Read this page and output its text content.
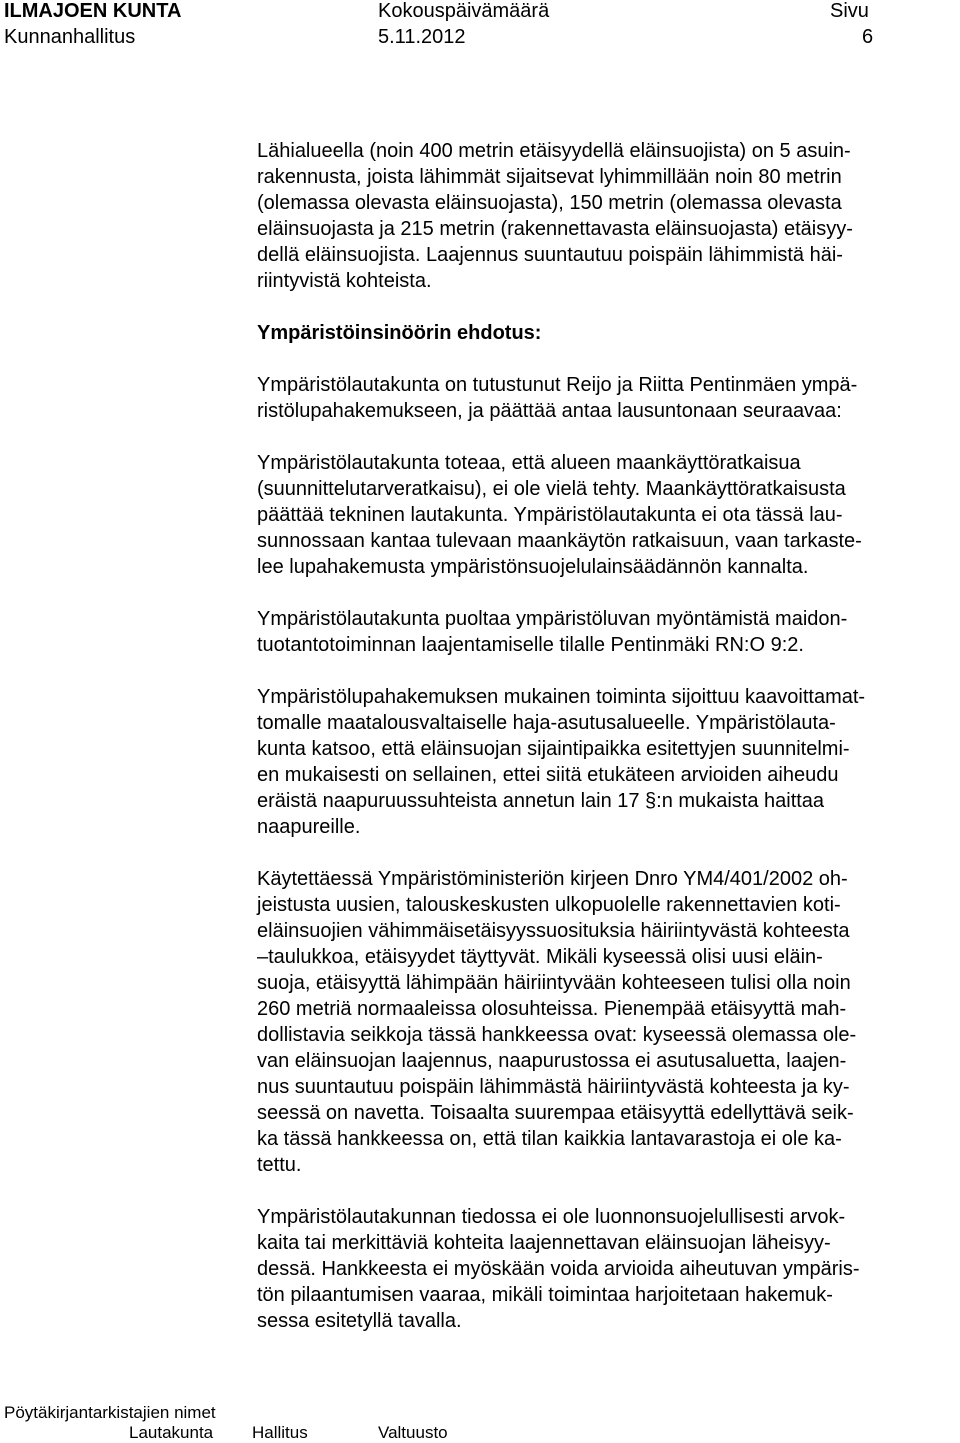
ILMAJOEN KUNTA
Kunnanhallitus
Kokouspäivämäärä
5.11.2012
Sivu
6

Lähialueella (noin 400 metrin etäisyydellä eläinsuojista) on 5 asuin-
rakennusta, joista lähimmät sijaitsevat lyhimmillään noin 80 metrin
(olemassa olevasta eläinsuojasta), 150 metrin (olemassa olevasta
eläinsuojasta ja 215 metrin (rakennettavasta eläinsuojasta) etäisyy-
dellä eläinsuojista. Laajennus suuntautuu poispäin lähimmistä häi-
riintyvistä kohteista.

Ympäristöinsinöörin ehdotus:

Ympäristölautakunta on tutustunut Reijo ja Riitta Pentinmäen ympä-
ristölupahakemukseen, ja päättää antaa lausuntonaan seuraavaa:

Ympäristölautakunta toteaa, että alueen maankäyttöratkaisua
(suunnittelutarveratkaisu), ei ole vielä tehty. Maankäyttöratkaisusta
päättää tekninen lautakunta. Ympäristölautakunta ei ota tässä lau-
sunnossaan kantaa tulevaan maankäytön ratkaisuun, vaan tarkaste-
lee lupahakemusta ympäristönsuojelulainsäädännön kannalta.

Ympäristölautakunta puoltaa ympäristöluvan myöntämistä maidon-
tuotantotoiminnan laajentamiselle tilalle Pentinmäki RN:O 9:2.

Ympäristölupahakemuksen mukainen toiminta sijoittuu kaavoittamat-
tomalle maatalousvaltaiselle haja-asutusalueelle. Ympäristölauta-
kunta katsoo, että eläinsuojan sijaintipaikka esitettyjen suunnitelmi-
en mukaisesti on sellainen, ettei siitä etukäteen arvioiden aiheudu
eräistä naapuruussuhteista annetun lain 17 §:n mukaista haittaa
naapureille.

Käytettäessä Ympäristöministeriön kirjeen Dnro YM4/401/2002 oh-
jeistusta uusien, talouskeskusten ulkopuolelle rakennettavien koti-
eläinsuojien vähimmäisetäisyyssuosituksia häiriintyvästä kohteesta
–taulukkoa, etäisyydet täyttyvät. Mikäli kyseessä olisi uusi eläin-
suoja, etäisyyttä lähimpään häiriintyvään kohteeseen tulisi olla noin
260 metriä normaaleissa olosuhteissa. Pienempää etäisyyttä mah-
dollistavia seikkoja tässä hankkeessa ovat: kyseessä olemassa ole-
van eläinsuojan laajennus, naapurustossa ei asutusaluetta, laajen-
nus suuntautuu poispäin lähimmästä häiriintyvästä kohteesta ja ky-
seessä on navetta. Toisaalta suurempaa etäisyyttä edellyttävä seik-
ka tässä hankkeessa on, että tilan kaikkia lantavarastoja ei ole ka-
tettu.

Ympäristölautakunnan tiedossa ei ole luonnonsuojelullisesti arvok-
kaita tai merkittäviä kohteita laajennettavan eläinsuojan läheisyy-
dessä. Hankkeesta ei myöskään voida arvioida aiheutuvan ympäris-
tön pilaantumisen vaaraa, mikäli toimintaa harjoitetaan hakemuk-
sessa esitetyllä tavalla.

Pöytäkirjantarkistajien nimet
Lautakunta Hallitus	Valtuusto
